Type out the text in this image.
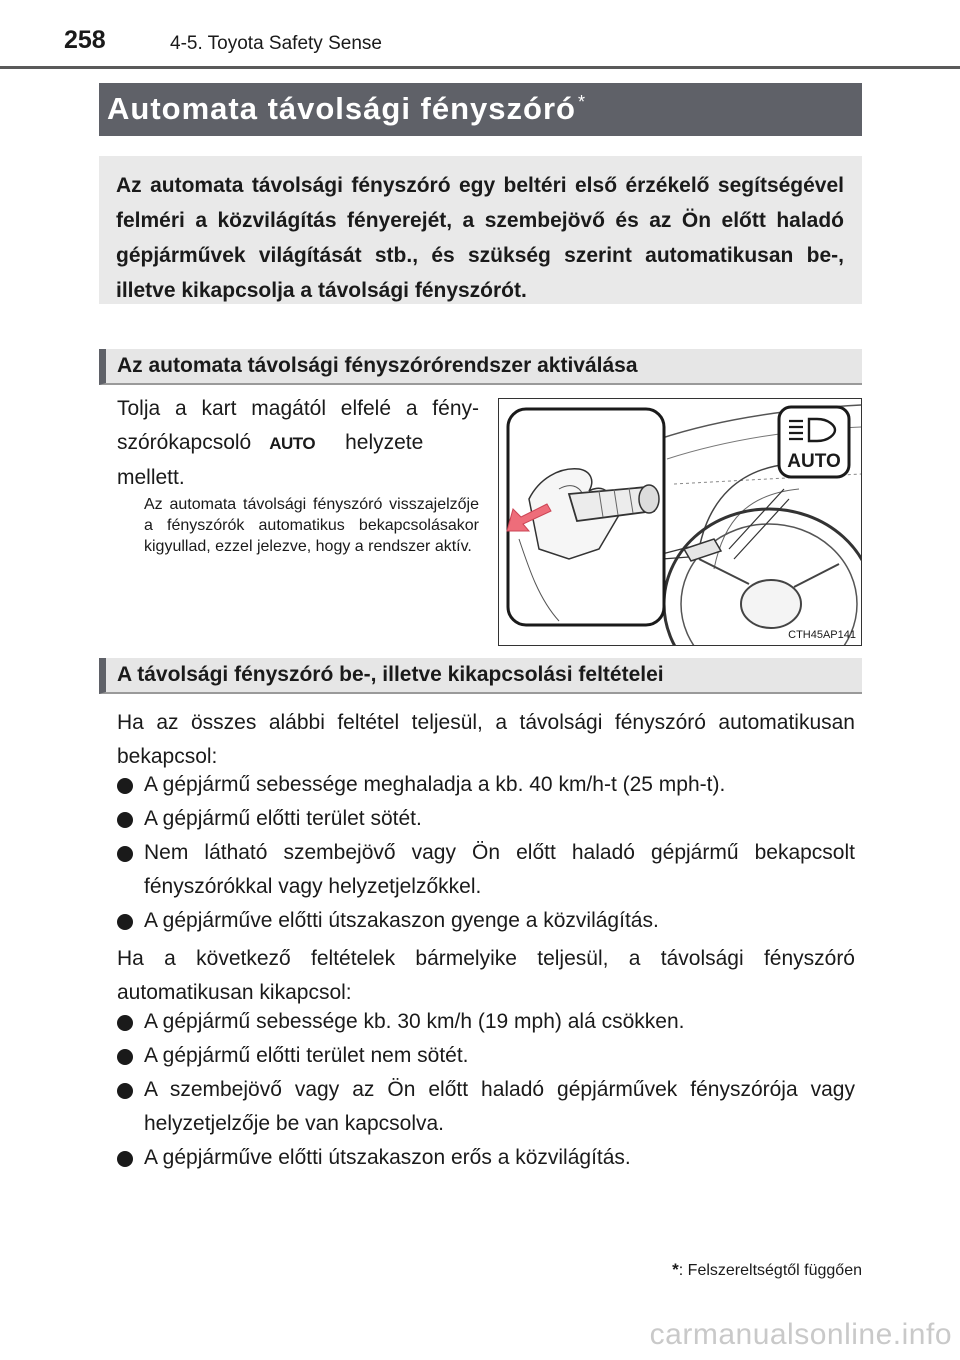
258	4-5. Toyota Safety Sense
Automata távolsági fényszóró *

Az automata távolsági fényszóró egy beltéri első érzékelő segítségével felméri a közvilágítás fényerejét, a szembejövő és az Ön előtt haladó gépjárművek világítását stb., és szükség szerint automatikusan be-, illetve kikapcsolja a távolsági fényszórót.

Az automata távolsági fényszórórendszer aktiválása

Tolja a kart magától elfelé a fényszórókapcsoló AUTO helyzete mellett.

Az automata távolsági fényszóró visszajelzője a fényszórók automatikus bekapcsolásakor kigyullad, ezzel jelezve, hogy a rendszer aktív.

AUTO
CTH45AP141
A távolsági fényszóró be-, illetve kikapcsolási feltételei

Ha az összes alábbi feltétel teljesül, a távolsági fényszóró automatikusan bekapcsol:

A gépjármű sebessége meghaladja a kb. 40 km/h-t (25 mph-t).
A gépjármű előtti terület sötét.
Nem látható szembejövő vagy Ön előtt haladó gépjármű bekapcsolt fényszórókkal vagy helyzetjelzőkkel.
A gépjárműve előtti útszakaszon gyenge a közvilágítás.

Ha a következő feltételek bármelyike teljesül, a távolsági fényszóró automatikusan kikapcsol:

A gépjármű sebessége kb. 30 km/h (19 mph) alá csökken.
A gépjármű előtti terület nem sötét.
A szembejövő vagy az Ön előtt haladó gépjárművek fényszórója vagy helyzetjelzője be van kapcsolva.
A gépjárműve előtti útszakaszon erős a közvilágítás.
*: Felszereltségtől függően
carmanualsonline.info
